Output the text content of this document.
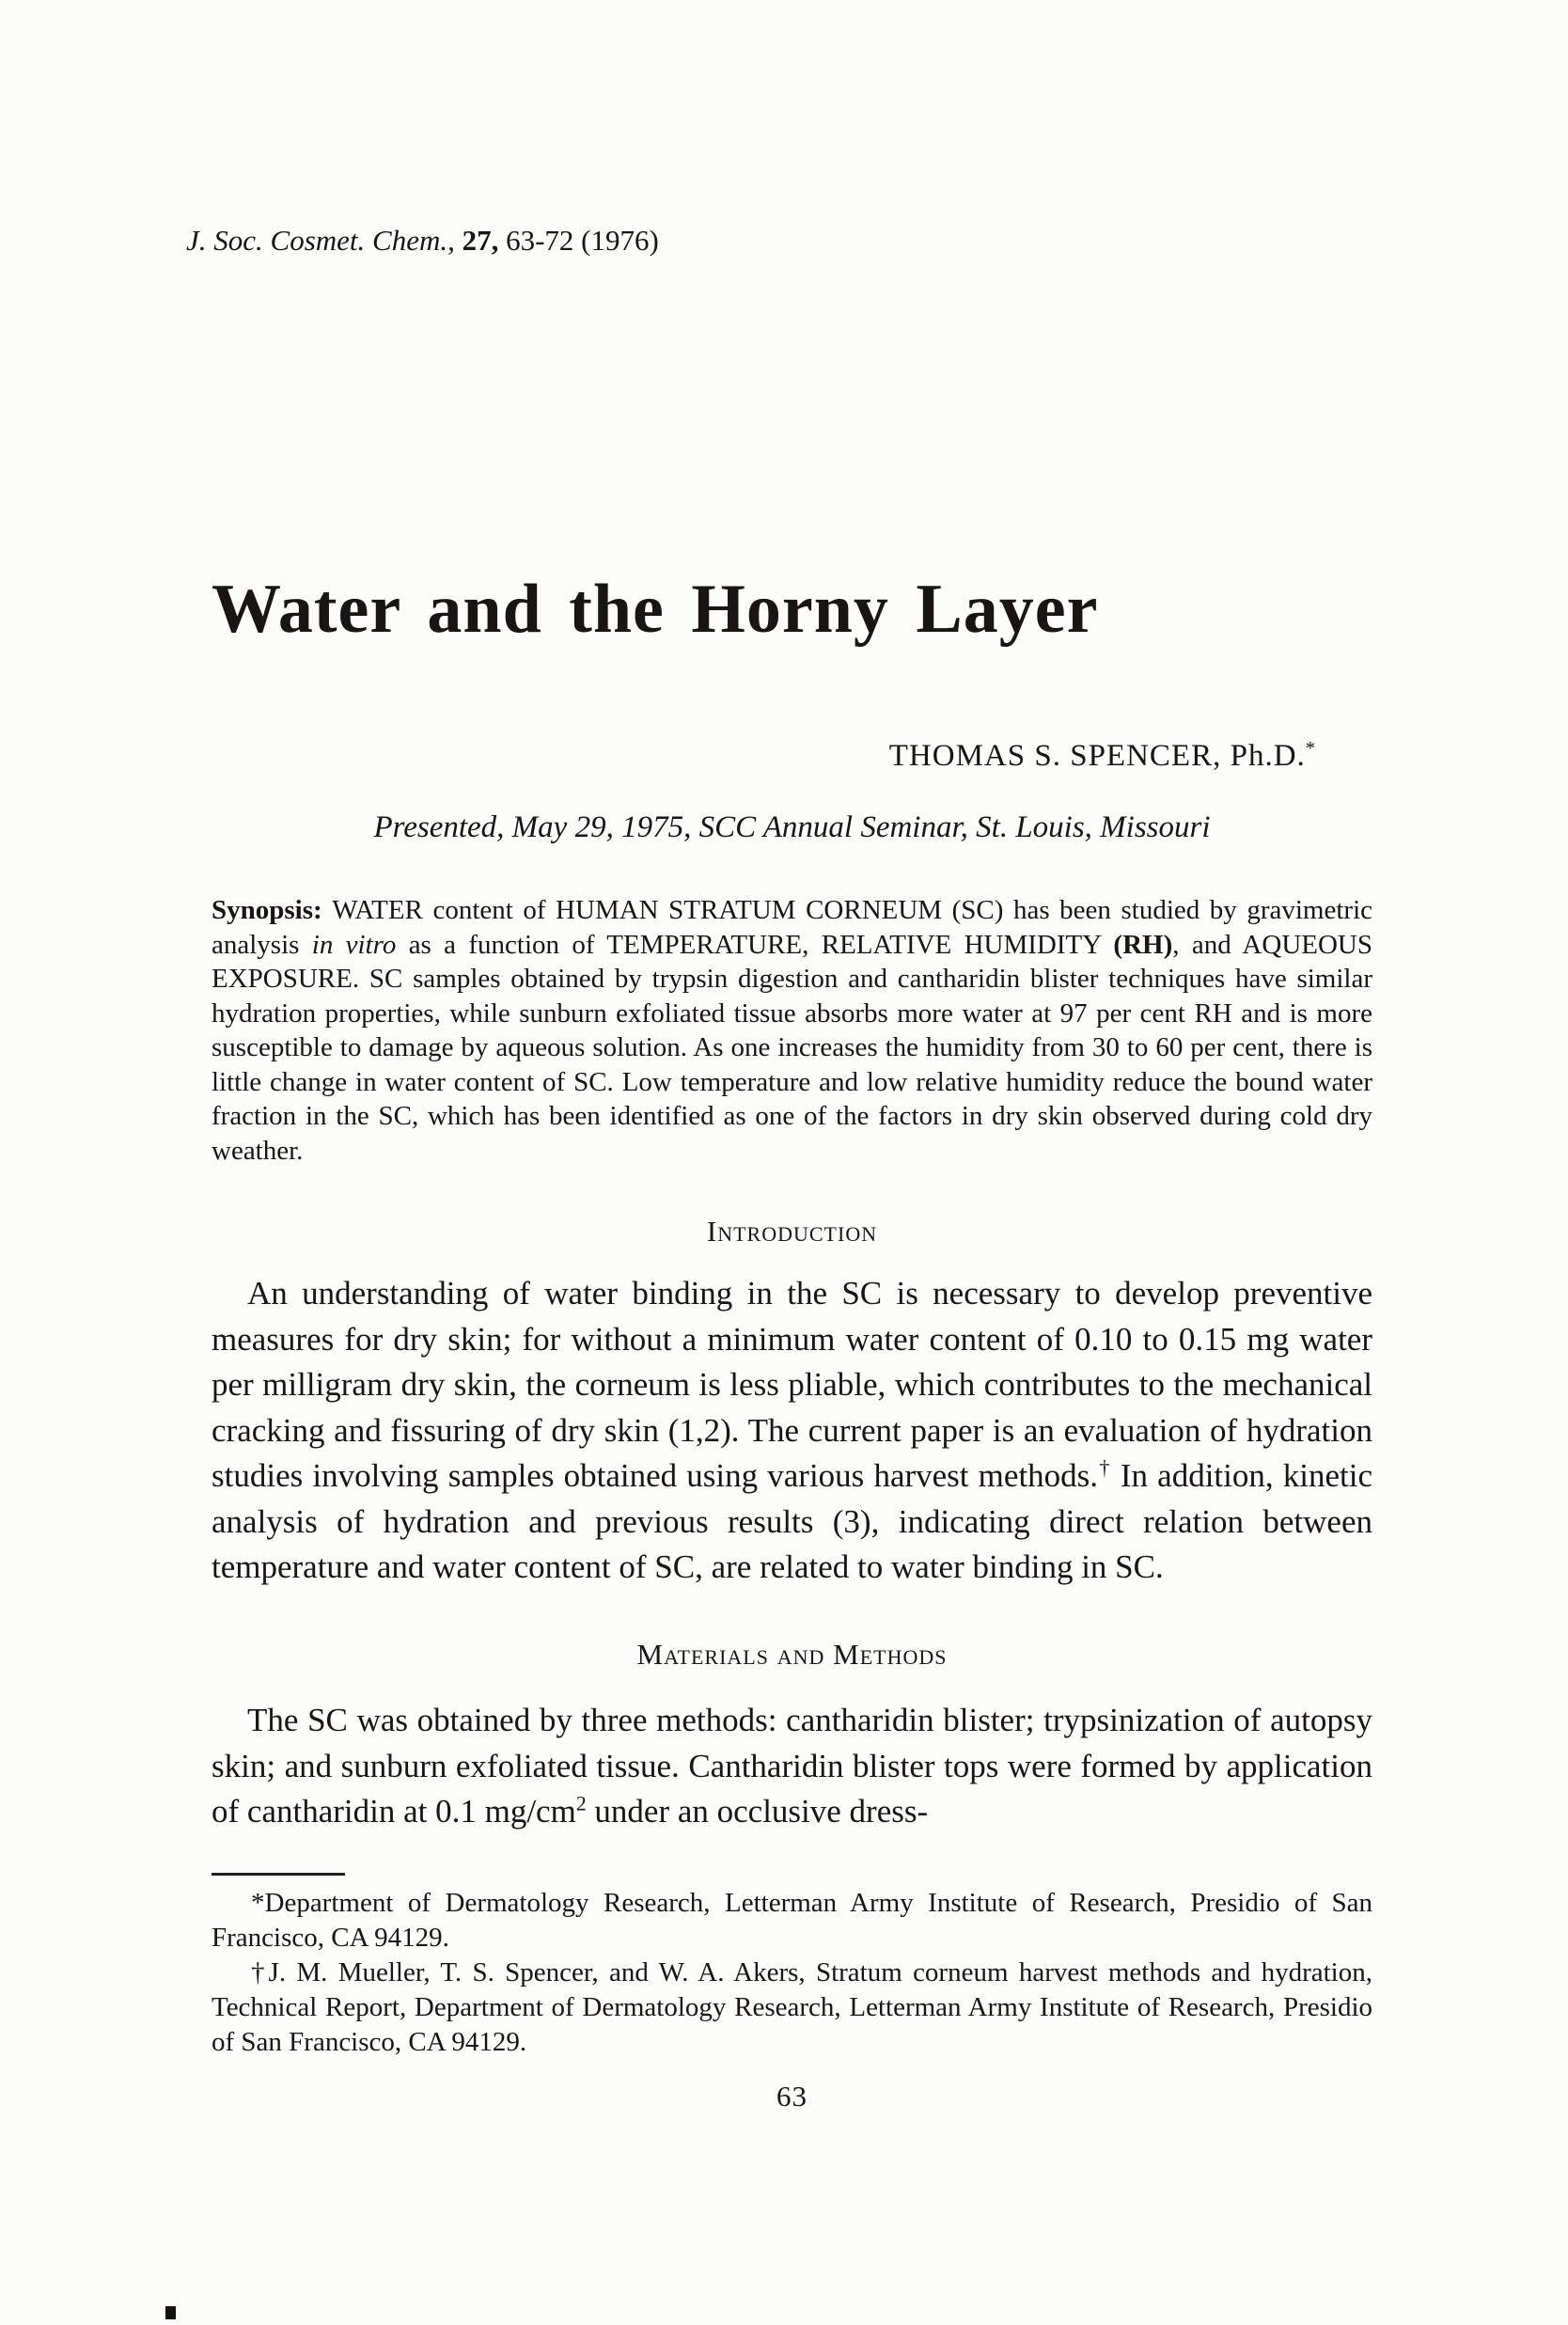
J. Soc. Cosmet. Chem., 27, 63-72 (1976)
Water and the Horny Layer
THOMAS S. SPENCER, Ph.D.*
Presented, May 29, 1975, SCC Annual Seminar, St. Louis, Missouri
Synopsis: WATER content of HUMAN STRATUM CORNEUM (SC) has been studied by gravimetric analysis in vitro as a function of TEMPERATURE, RELATIVE HUMIDITY (RH), and AQUEOUS EXPOSURE. SC samples obtained by trypsin digestion and cantharidin blister techniques have similar hydration properties, while sunburn exfoliated tissue absorbs more water at 97 per cent RH and is more susceptible to damage by aqueous solution. As one increases the humidity from 30 to 60 per cent, there is little change in water content of SC. Low temperature and low relative humidity reduce the bound water fraction in the SC, which has been identified as one of the factors in dry skin observed during cold dry weather.
Introduction

An understanding of water binding in the SC is necessary to develop preventive measures for dry skin; for without a minimum water content of 0.10 to 0.15 mg water per milligram dry skin, the corneum is less pliable, which contributes to the mechanical cracking and fissuring of dry skin (1,2). The current paper is an evaluation of hydration studies involving samples obtained using various harvest methods.† In addition, kinetic analysis of hydration and previous results (3), indicating direct relation between temperature and water content of SC, are related to water binding in SC.

Materials and Methods

The SC was obtained by three methods: cantharidin blister; trypsinization of autopsy skin; and sunburn exfoliated tissue. Cantharidin blister tops were formed by application of cantharidin at 0.1 $mg/cm^2$ under an occlusive dress-

*Department of Dermatology Research, Letterman Army Institute of Research, Presidio of San Francisco, CA 94129.

†J. M. Mueller, T. S. Spencer, and W. A. Akers, Stratum corneum harvest methods and hydration, Technical Report, Department of Dermatology Research, Letterman Army Institute of Research, Presidio of San Francisco, CA 94129.

63
